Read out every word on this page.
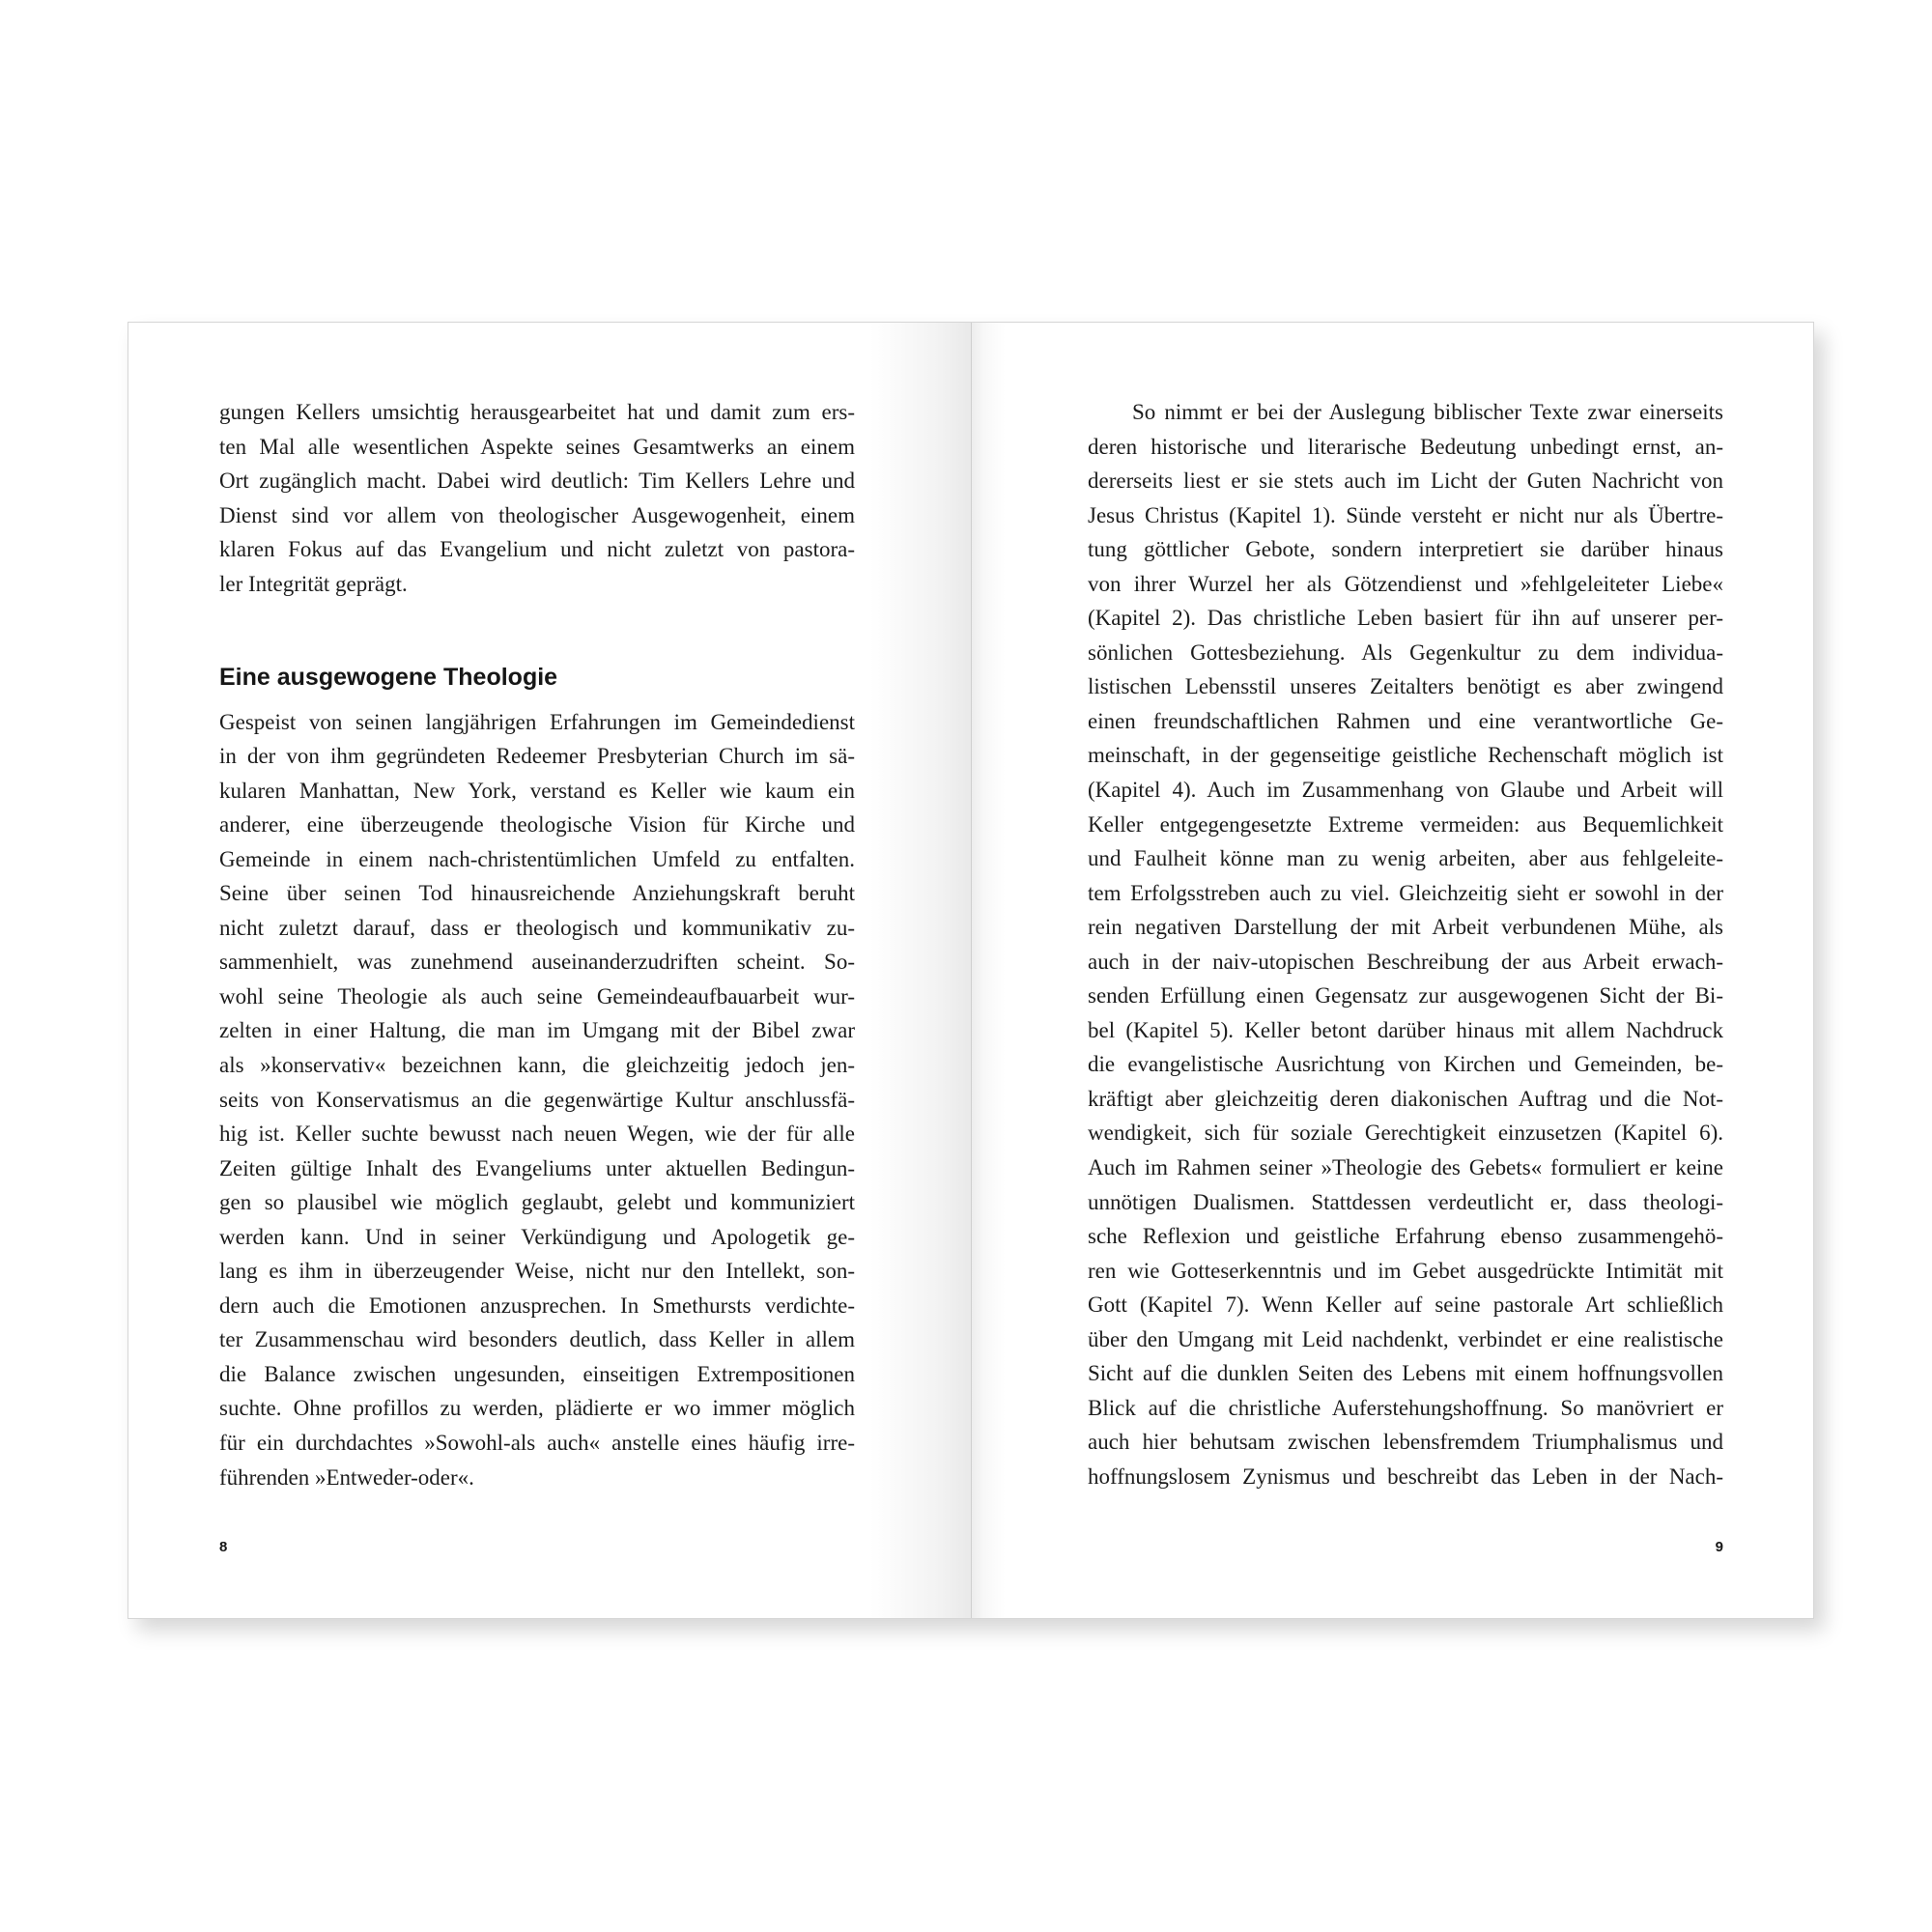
gungen Kellers umsichtig herausgearbeitet hat und damit zum ers-
ten Mal alle wesentlichen Aspekte seines Gesamtwerks an einem
Ort zugänglich macht. Dabei wird deutlich: Tim Kellers Lehre und
Dienst sind vor allem von theologischer Ausgewogenheit, einem
klaren Fokus auf das Evangelium und nicht zuletzt von pastora-
ler Integrität geprägt.
Eine ausgewogene Theologie
Gespeist von seinen langjährigen Erfahrungen im Gemeindedienst
in der von ihm gegründeten Redeemer Presbyterian Church im sä-
kularen Manhattan, New York, verstand es Keller wie kaum ein
anderer, eine überzeugende theologische Vision für Kirche und
Gemeinde in einem nach-christentümlichen Umfeld zu entfalten.
Seine über seinen Tod hinausreichende Anziehungskraft beruht
nicht zuletzt darauf, dass er theologisch und kommunikativ zu-
sammenhielt, was zunehmend auseinanderzudriften scheint. So-
wohl seine Theologie als auch seine Gemeindeaufbauarbeit wur-
zelten in einer Haltung, die man im Umgang mit der Bibel zwar
als »konservativ« bezeichnen kann, die gleichzeitig jedoch jen-
seits von Konservatismus an die gegenwärtige Kultur anschlussfä-
hig ist. Keller suchte bewusst nach neuen Wegen, wie der für alle
Zeiten gültige Inhalt des Evangeliums unter aktuellen Bedingun-
gen so plausibel wie möglich geglaubt, gelebt und kommuniziert
werden kann. Und in seiner Verkündigung und Apologetik ge-
lang es ihm in überzeugender Weise, nicht nur den Intellekt, son-
dern auch die Emotionen anzusprechen. In Smethursts verdichte-
ter Zusammenschau wird besonders deutlich, dass Keller in allem
die Balance zwischen ungesunden, einseitigen Extrempositionen
suchte. Ohne profillos zu werden, plädierte er wo immer möglich
für ein durchdachtes »Sowohl-als auch« anstelle eines häufig irre-
führenden »Entweder-oder«.
8
So nimmt er bei der Auslegung biblischer Texte zwar einerseits
deren historische und literarische Bedeutung unbedingt ernst, an-
dererseits liest er sie stets auch im Licht der Guten Nachricht von
Jesus Christus (Kapitel 1). Sünde versteht er nicht nur als Übertre-
tung göttlicher Gebote, sondern interpretiert sie darüber hinaus
von ihrer Wurzel her als Götzendienst und »fehlgeleiteter Liebe«
(Kapitel 2). Das christliche Leben basiert für ihn auf unserer per-
sönlichen Gottesbeziehung. Als Gegenkultur zu dem individua-
listischen Lebensstil unseres Zeitalters benötigt es aber zwingend
einen freundschaftlichen Rahmen und eine verantwortliche Ge-
meinschaft, in der gegenseitige geistliche Rechenschaft möglich ist
(Kapitel 4). Auch im Zusammenhang von Glaube und Arbeit will
Keller entgegengesetzte Extreme vermeiden: aus Bequemlichkeit
und Faulheit könne man zu wenig arbeiten, aber aus fehlgeleite-
tem Erfolgsstreben auch zu viel. Gleichzeitig sieht er sowohl in der
rein negativen Darstellung der mit Arbeit verbundenen Mühe, als
auch in der naiv-utopischen Beschreibung der aus Arbeit erwach-
senden Erfüllung einen Gegensatz zur ausgewogenen Sicht der Bi-
bel (Kapitel 5). Keller betont darüber hinaus mit allem Nachdruck
die evangelistische Ausrichtung von Kirchen und Gemeinden, be-
kräftigt aber gleichzeitig deren diakonischen Auftrag und die Not-
wendigkeit, sich für soziale Gerechtigkeit einzusetzen (Kapitel 6).
Auch im Rahmen seiner »Theologie des Gebets« formuliert er keine
unnötigen Dualismen. Stattdessen verdeutlicht er, dass theologi-
sche Reflexion und geistliche Erfahrung ebenso zusammengehö-
ren wie Gotteserkenntnis und im Gebet ausgedrückte Intimität mit
Gott (Kapitel 7). Wenn Keller auf seine pastorale Art schließlich
über den Umgang mit Leid nachdenkt, verbindet er eine realistische
Sicht auf die dunklen Seiten des Lebens mit einem hoffnungsvollen
Blick auf die christliche Auferstehungshoffnung. So manövriert er
auch hier behutsam zwischen lebensfremdem Triumphalismus und
hoffnungslosem Zynismus und beschreibt das Leben in der Nach-
9
